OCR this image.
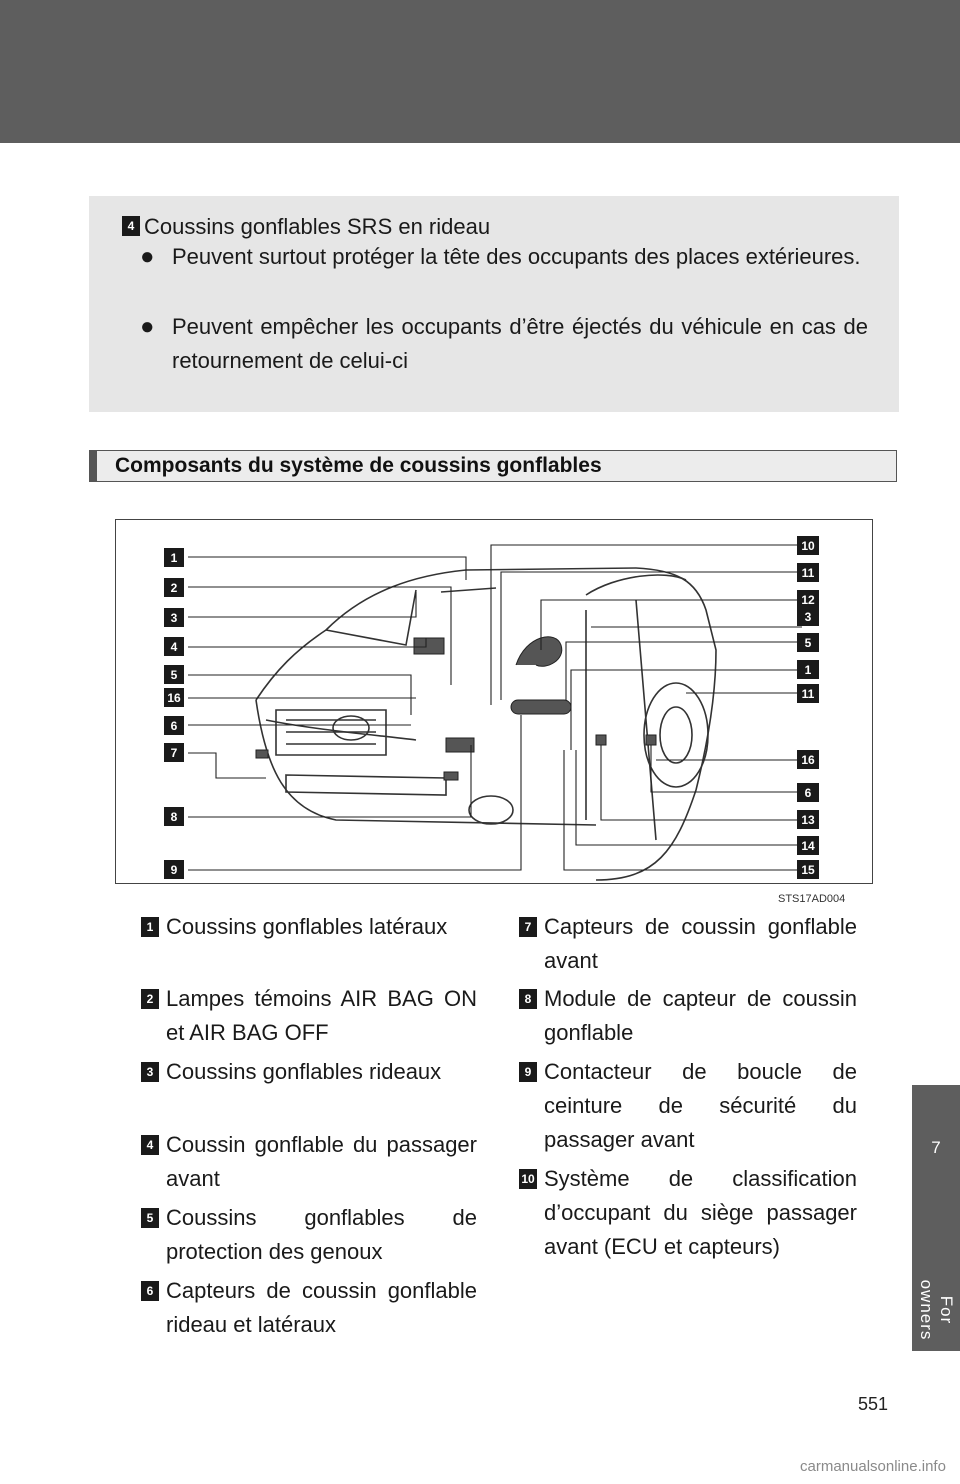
7
For owners
4 Coussins gonflables SRS en rideau
● Peuvent surtout protéger la tête des occupants des places extérieures.
● Peuvent empêcher les occupants d’être éjectés du véhicule en cas de retournement de celui-ci
Composants du système de coussins gonflables
1
2
3
4
5
16
6
7
8
9
10
11
12
3
5
1
11
16
6
13
14
15
STS17AD004
1 Coussins gonflables latéraux
2 Lampes témoins AIR BAG ON et AIR BAG OFF
3 Coussins gonflables rideaux
4 Coussin gonflable du passager avant
5 Coussins gonflables de protection des genoux
6 Capteurs de coussin gonflable rideau et latéraux
7 Capteurs de coussin gonflable avant
8 Module de capteur de coussin gonflable
9 Contacteur de boucle de ceinture de sécurité du passager avant
10 Système de classification d’occupant du siège passager avant (ECU et capteurs)
551
carmanualsonline.info
